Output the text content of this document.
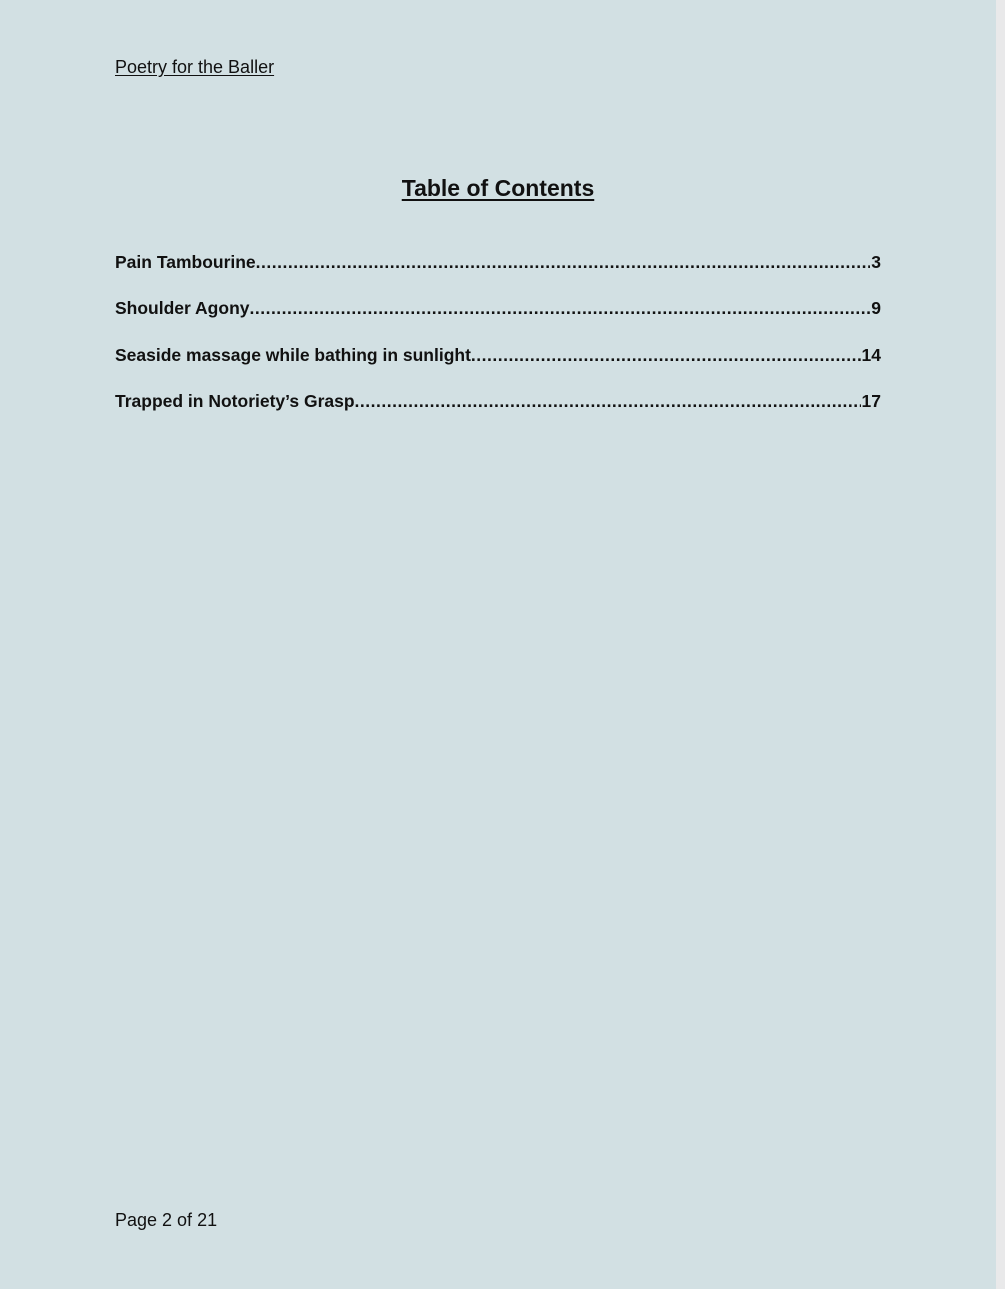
Poetry for the Baller

Table of Contents
Pain Tambourine .....	3
Shoulder Agony .....	9
Seaside massage while bathing in sunlight .....	14
Trapped in Notoriety’s Grasp .....	17

Page 2 of 21
